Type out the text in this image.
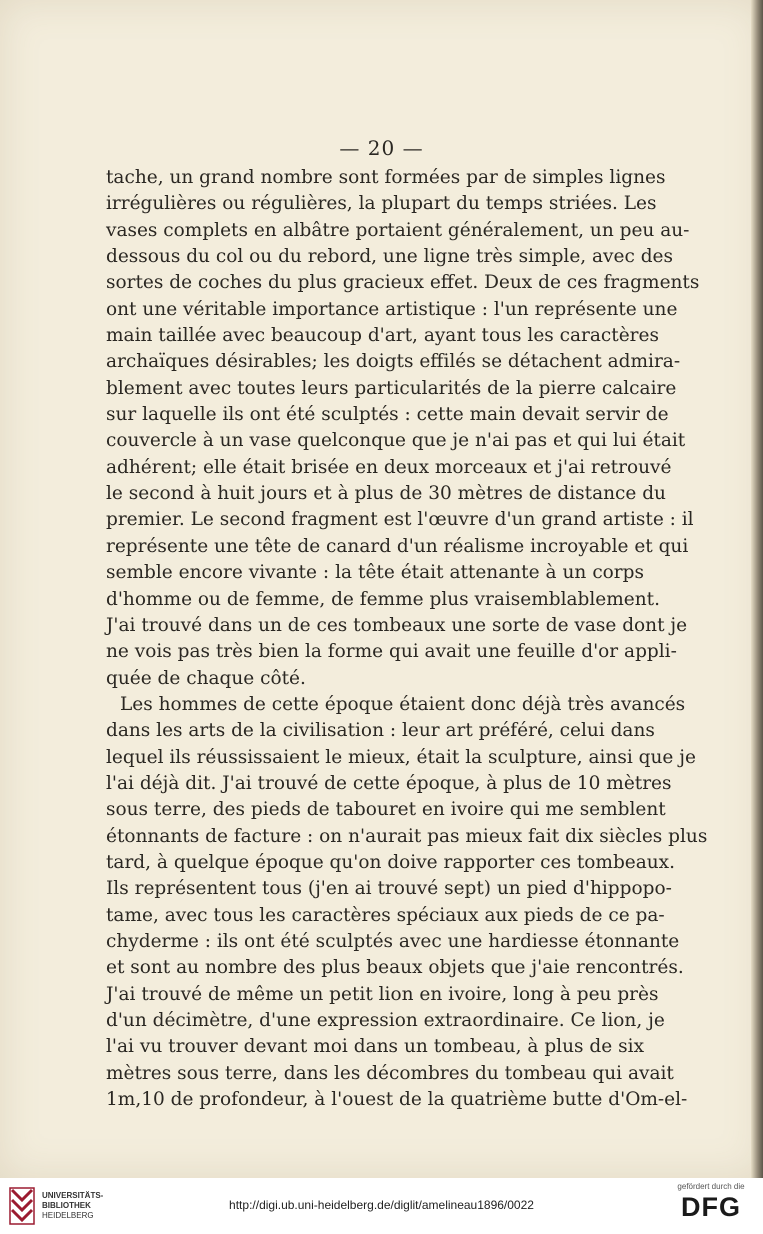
— 20 —
tache, un grand nombre sont formées par de simples lignes
irrégulières ou régulières, la plupart du temps striées. Les
vases complets en albâtre portaient généralement, un peu au-
dessous du col ou du rebord, une ligne très simple, avec des
sortes de coches du plus gracieux effet. Deux de ces fragments
ont une véritable importance artistique : l'un représente une
main taillée avec beaucoup d'art, ayant tous les caractères
archaïques désirables; les doigts effilés se détachent admira-
blement avec toutes leurs particularités de la pierre calcaire
sur laquelle ils ont été sculptés : cette main devait servir de
couvercle à un vase quelconque que je n'ai pas et qui lui était
adhérent; elle était brisée en deux morceaux et j'ai retrouvé
le second à huit jours et à plus de 30 mètres de distance du
premier. Le second fragment est l'œuvre d'un grand artiste : il
représente une tête de canard d'un réalisme incroyable et qui
semble encore vivante : la tête était attenante à un corps
d'homme ou de femme, de femme plus vraisemblablement.
J'ai trouvé dans un de ces tombeaux une sorte de vase dont je
ne vois pas très bien la forme qui avait une feuille d'or appli-
quée de chaque côté.
Les hommes de cette époque étaient donc déjà très avancés
dans les arts de la civilisation : leur art préféré, celui dans
lequel ils réussissaient le mieux, était la sculpture, ainsi que je
l'ai déjà dit. J'ai trouvé de cette époque, à plus de 10 mètres
sous terre, des pieds de tabouret en ivoire qui me semblent
étonnants de facture : on n'aurait pas mieux fait dix siècles plus
tard, à quelque époque qu'on doive rapporter ces tombeaux.
Ils représentent tous (j'en ai trouvé sept) un pied d'hippopo-
tame, avec tous les caractères spéciaux aux pieds de ce pa-
chyderme : ils ont été sculptés avec une hardiesse étonnante
et sont au nombre des plus beaux objets que j'aie rencontrés.
J'ai trouvé de même un petit lion en ivoire, long à peu près
d'un décimètre, d'une expression extraordinaire. Ce lion, je
l'ai vu trouver devant moi dans un tombeau, à plus de six
mètres sous terre, dans les décombres du tombeau qui avait
1m,10 de profondeur, à l'ouest de la quatrième butte d'Om-el-
UNIVERSITÄTS-
BIBLIOTHEK
HEIDELBERG
http://digi.ub.uni-heidelberg.de/diglit/amelineau1896/0022
gefördert durch die
DFG
